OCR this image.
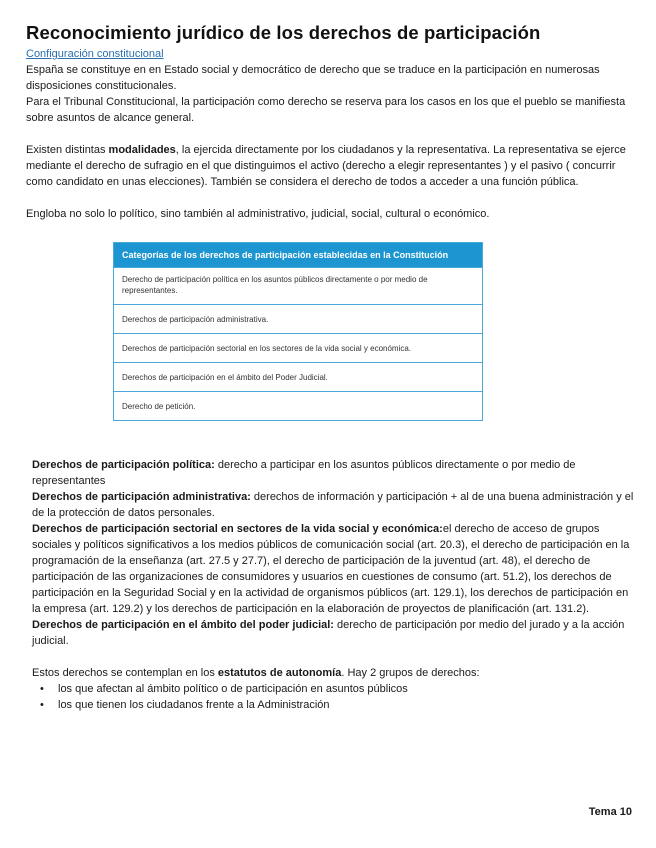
Reconocimiento jurídico de los derechos de participación
Configuración constitucional

España se constituye en en Estado social y democrático de derecho que se traduce en la participación en numerosas disposiciones constitucionales.

Para el Tribunal Constitucional, la participación como derecho se reserva para los casos en los que el pueblo se manifiesta sobre asuntos de alcance general.

Existen distintas modalidades, la ejercida directamente por los ciudadanos y la representativa. La representativa se ejerce mediante el derecho de sufragio en el que distinguimos el activo (derecho a elegir representantes ) y el pasivo ( concurrir como candidato en unas elecciones). También se considera el derecho de todos a acceder a una función pública.

Engloba no solo lo político, sino también al administrativo, judicial, social, cultural o económico.

Categorías de los derechos de participación establecidas en la Constitución
Derecho de participación política en los asuntos públicos directamente o por medio de representantes.
Derechos de participación administrativa.
Derechos de participación sectorial en los sectores de la vida social y económica.
Derechos de participación en el ámbito del Poder Judicial.
Derecho de petición.

Derechos de participación política: derecho a participar en los asuntos públicos directamente o por medio de representantes

Derechos de participación administrativa: derechos de información y participación + al de una buena administración y el de la protección de datos personales.

Derechos de participación sectorial en sectores de la vida social y económica:el derecho de acceso de grupos sociales y políticos significativos a los medios públicos de comunicación social (art. 20.3), el derecho de participación en la programación de la enseñanza (art. 27.5 y 27.7), el derecho de participación de la juventud (art. 48), el derecho de participación de las organizaciones de consumidores y usuarios en cuestiones de consumo (art. 51.2), los derechos de participación en la Seguridad Social y en la actividad de organismos públicos (art. 129.1), los derechos de participación en la empresa (art. 129.2) y los derechos de participación en la elaboración de proyectos de planificación (art. 131.2).

Derechos de participación en el ámbito del poder judicial: derecho de participación por medio del jurado y a la acción judicial.

Estos derechos se contemplan en los estatutos de autonomía. Hay 2 grupos de derechos:

• los que afectan al ámbito político o de participación en asuntos públicos
• los que tienen los ciudadanos frente a la Administración
Tema 10
